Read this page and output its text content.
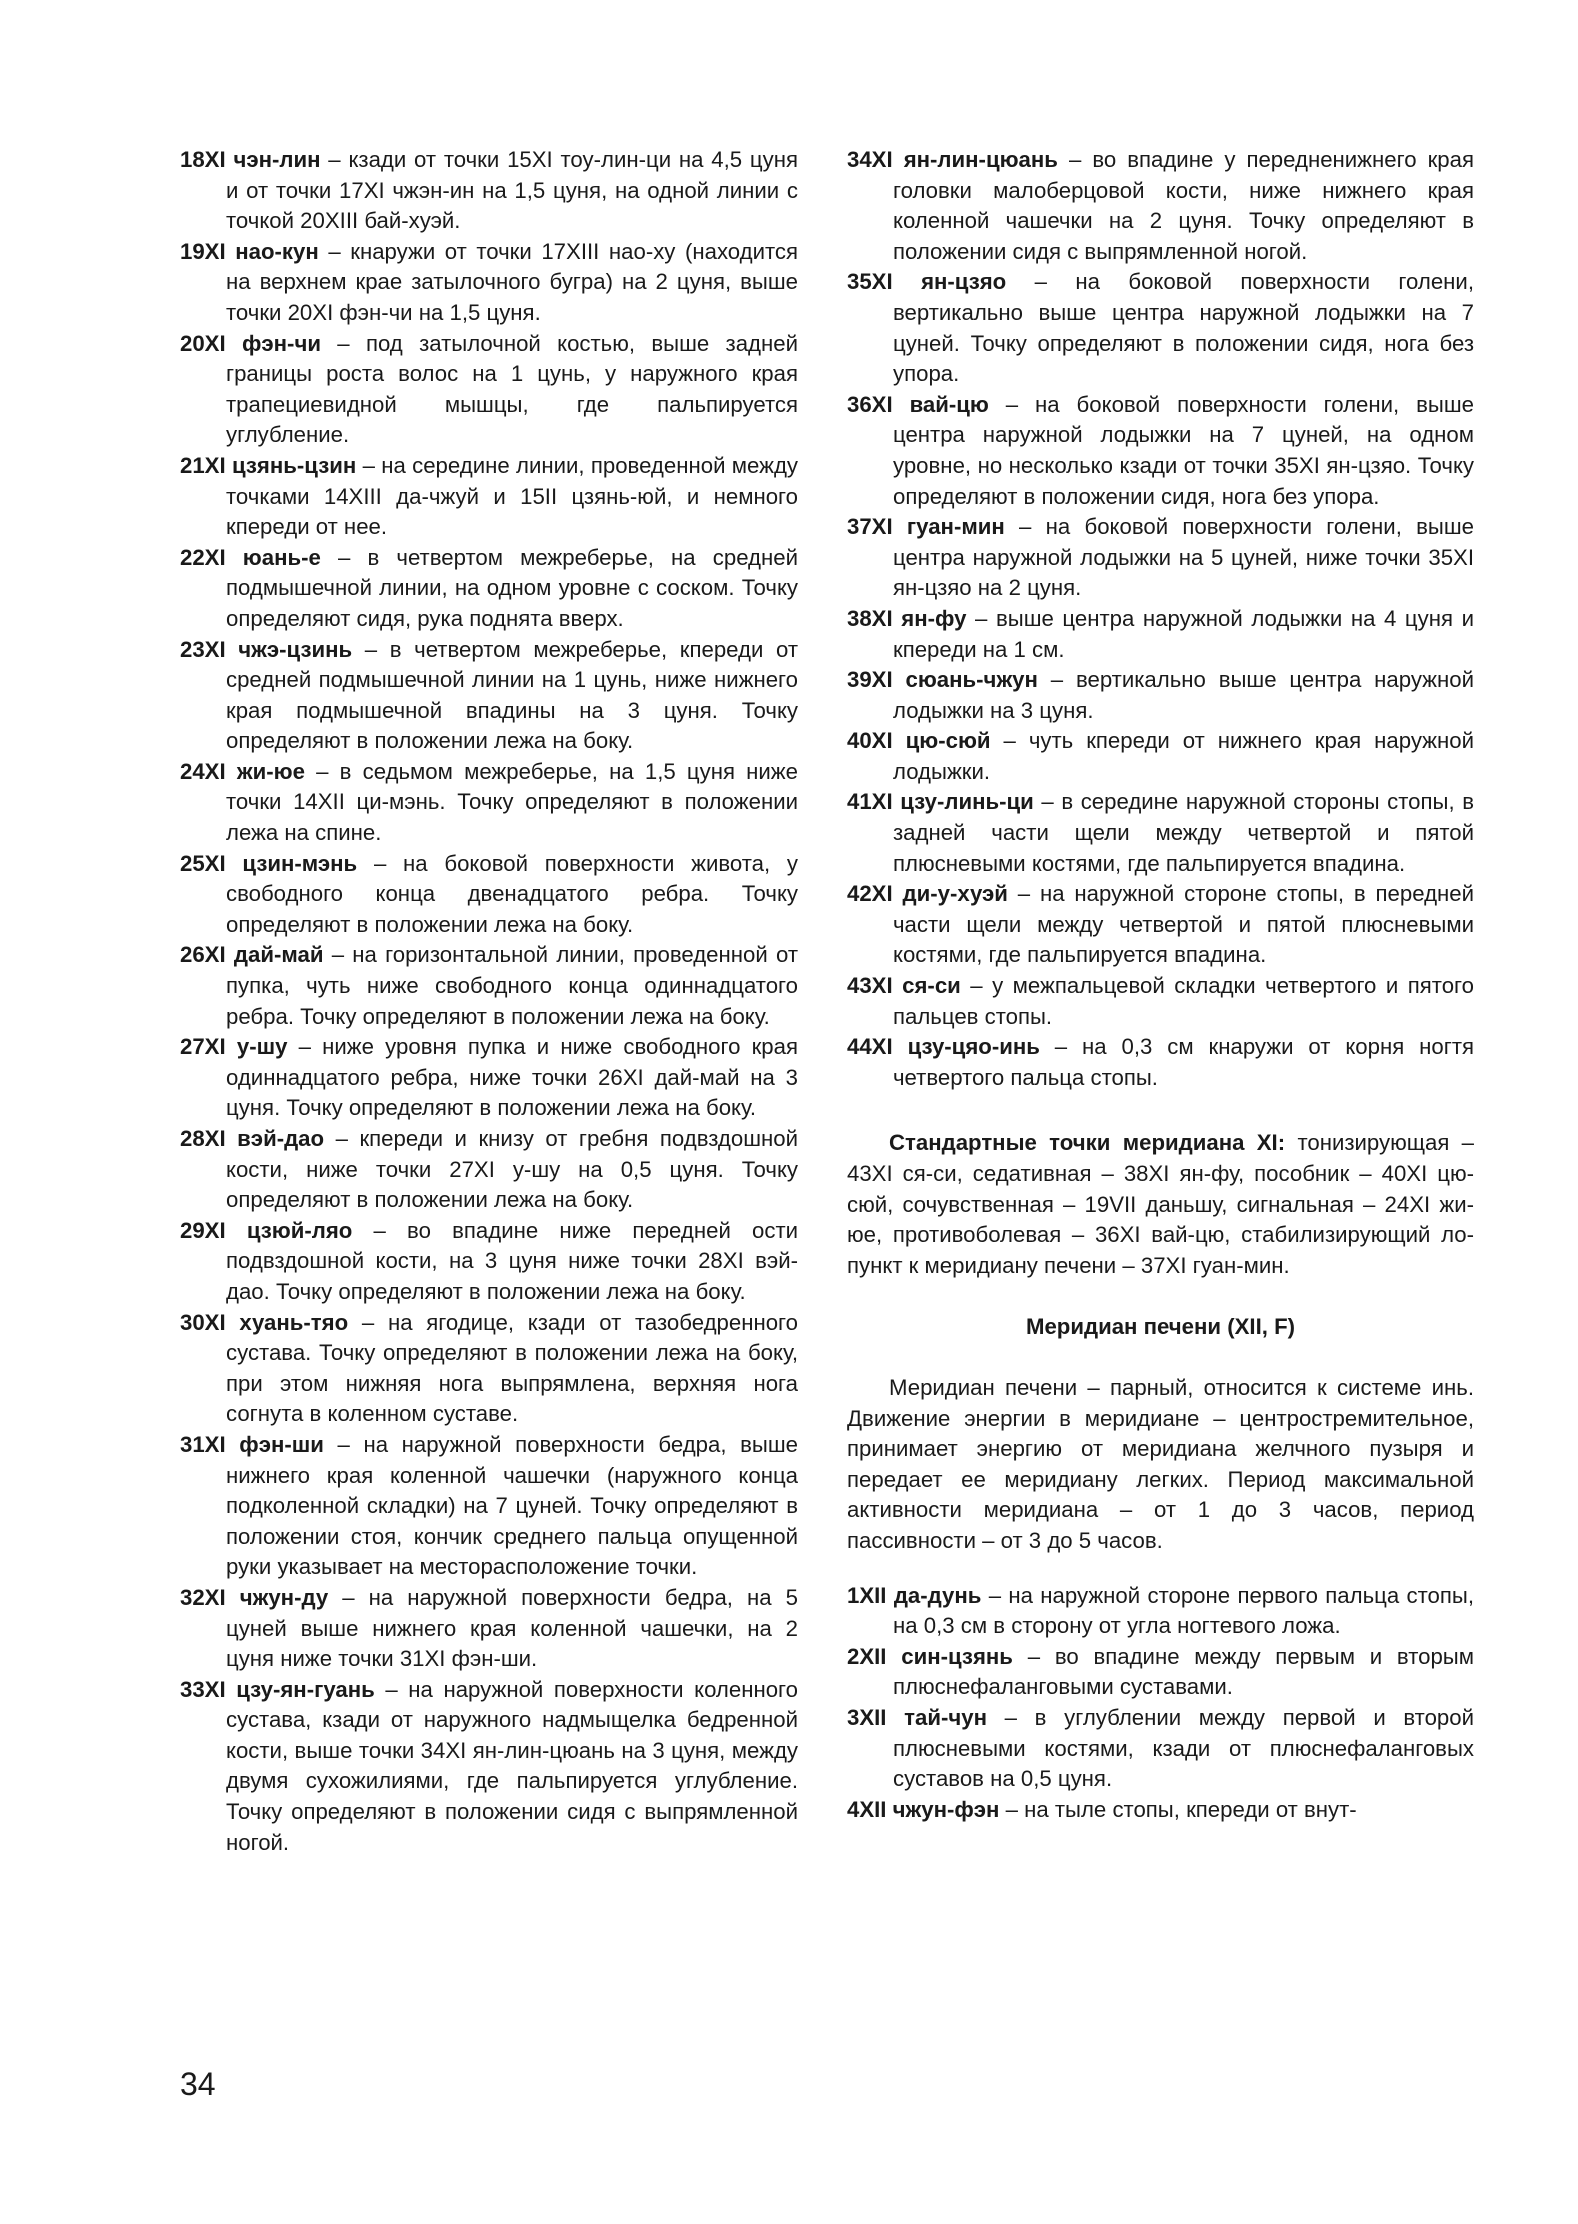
18XI чэн-лин – кзади от точки 15XI тоу-лин-ци на 4,5 цуня и от точки 17XI чжэн-ин на 1,5 цуня, на одной линии с точкой 20XIII бай-хуэй.

19XI нао-кун – кнаружи от точки 17XIII нао-ху (находится на верхнем крае затылочного бугра) на 2 цуня, выше точки 20XI фэн-чи на 1,5 цуня.

20XI фэн-чи – под затылочной костью, выше задней границы роста волос на 1 цунь, у наружного края трапециевидной мышцы, где пальпируется углубление.

21XI цзянь-цзин – на середине линии, проведенной между точками 14XIII да-чжуй и 15II цзянь-юй, и немного кпереди от нее.

22XI юань-е – в четвертом межреберье, на средней подмышечной линии, на одном уровне с соском. Точку определяют сидя, рука поднята вверх.

23XI чжэ-цзинь – в четвертом межреберье, кпереди от средней подмышечной линии на 1 цунь, ниже нижнего края подмышечной впадины на 3 цуня. Точку определяют в положении лежа на боку.

24XI жи-юе – в седьмом межреберье, на 1,5 цуня ниже точки 14XII ци-мэнь. Точку определяют в положении лежа на спине.

25XI цзин-мэнь – на боковой поверхности живота, у свободного конца двенадцатого ребра. Точку определяют в положении лежа на боку.

26XI дай-май – на горизонтальной линии, проведенной от пупка, чуть ниже свободного конца одиннадцатого ребра. Точку определяют в положении лежа на боку.

27XI у-шу – ниже уровня пупка и ниже свободного края одиннадцатого ребра, ниже точки 26XI дай-май на 3 цуня. Точку определяют в положении лежа на боку.

28XI вэй-дао – кпереди и книзу от гребня подвздошной кости, ниже точки 27XI у-шу на 0,5 цуня. Точку определяют в положении лежа на боку.

29XI цзюй-ляо – во впадине ниже передней ости подвздошной кости, на 3 цуня ниже точки 28XI вэй-дао. Точку определяют в положении лежа на боку.

30XI хуань-тяо – на ягодице, кзади от тазобедренного сустава. Точку определяют в положении лежа на боку, при этом нижняя нога выпрямлена, верхняя нога согнута в коленном суставе.

31XI фэн-ши – на наружной поверхности бедра, выше нижнего края коленной чашечки (наружного конца подколенной складки) на 7 цуней. Точку определяют в положении стоя, кончик среднего пальца опущенной руки указывает на месторасположение точки.

32XI чжун-ду – на наружной поверхности бедра, на 5 цуней выше нижнего края коленной чашечки, на 2 цуня ниже точки 31XI фэн-ши.

33XI цзу-ян-гуань – на наружной поверхности коленного сустава, кзади от наружного надмыщелка бедренной кости, выше точки 34XI ян-лин-цюань на 3 цуня, между двумя сухожилиями, где пальпируется углубление. Точку определяют в положении сидя с выпрямленной ногой.

34XI ян-лин-цюань – во впадине у передненижнего края головки малоберцовой кости, ниже нижнего края коленной чашечки на 2 цуня. Точку определяют в положении сидя с выпрямленной ногой.

35XI ян-цзяо – на боковой поверхности голени, вертикально выше центра наружной лодыжки на 7 цуней. Точку определяют в положении сидя, нога без упора.

36XI вай-цю – на боковой поверхности голени, выше центра наружной лодыжки на 7 цуней, на одном уровне, но несколько кзади от точки 35XI ян-цзяо. Точку определяют в положении сидя, нога без упора.

37XI гуан-мин – на боковой поверхности голени, выше центра наружной лодыжки на 5 цуней, ниже точки 35XI ян-цзяо на 2 цуня.

38XI ян-фу – выше центра наружной лодыжки на 4 цуня и кпереди на 1 см.

39XI сюань-чжун – вертикально выше центра наружной лодыжки на 3 цуня.

40XI цю-сюй – чуть кпереди от нижнего края наружной лодыжки.

41XI цзу-линь-ци – в середине наружной стороны стопы, в задней части щели между четвертой и пятой плюсневыми костями, где пальпируется впадина.

42XI ди-у-хуэй – на наружной стороне стопы, в передней части щели между четвертой и пятой плюсневыми костями, где пальпируется впадина.

43XI ся-си – у межпальцевой складки четвертого и пятого пальцев стопы.

44XI цзу-цяо-инь – на 0,3 см кнаружи от корня ногтя четвертого пальца стопы.

Стандартные точки меридиана XI: тонизирующая – 43XI ся-си, седативная – 38XI ян-фу, пособник – 40XI цю-сюй, сочувственная – 19VII даньшу, сигнальная – 24XI жи-юе, противоболевая – 36XI вай-цю, стабилизирующий ло-пункт к меридиану печени – 37XI гуан-мин.

Меридиан печени (XII, F)

Меридиан печени – парный, относится к системе инь. Движение энергии в меридиане – центростремительное, принимает энергию от меридиана желчного пузыря и передает ее меридиану легких. Период максимальной активности меридиана – от 1 до 3 часов, период пассивности – от 3 до 5 часов.

1XII да-дунь – на наружной стороне первого пальца стопы, на 0,3 см в сторону от угла ногтевого ложа.

2XII син-цзянь – во впадине между первым и вторым плюснефаланговыми суставами.

3XII тай-чун – в углублении между первой и второй плюсневыми костями, кзади от плюснефаланговых суставов на 0,5 цуня.

4XII чжун-фэн – на тыле стопы, кпереди от внут-

34
